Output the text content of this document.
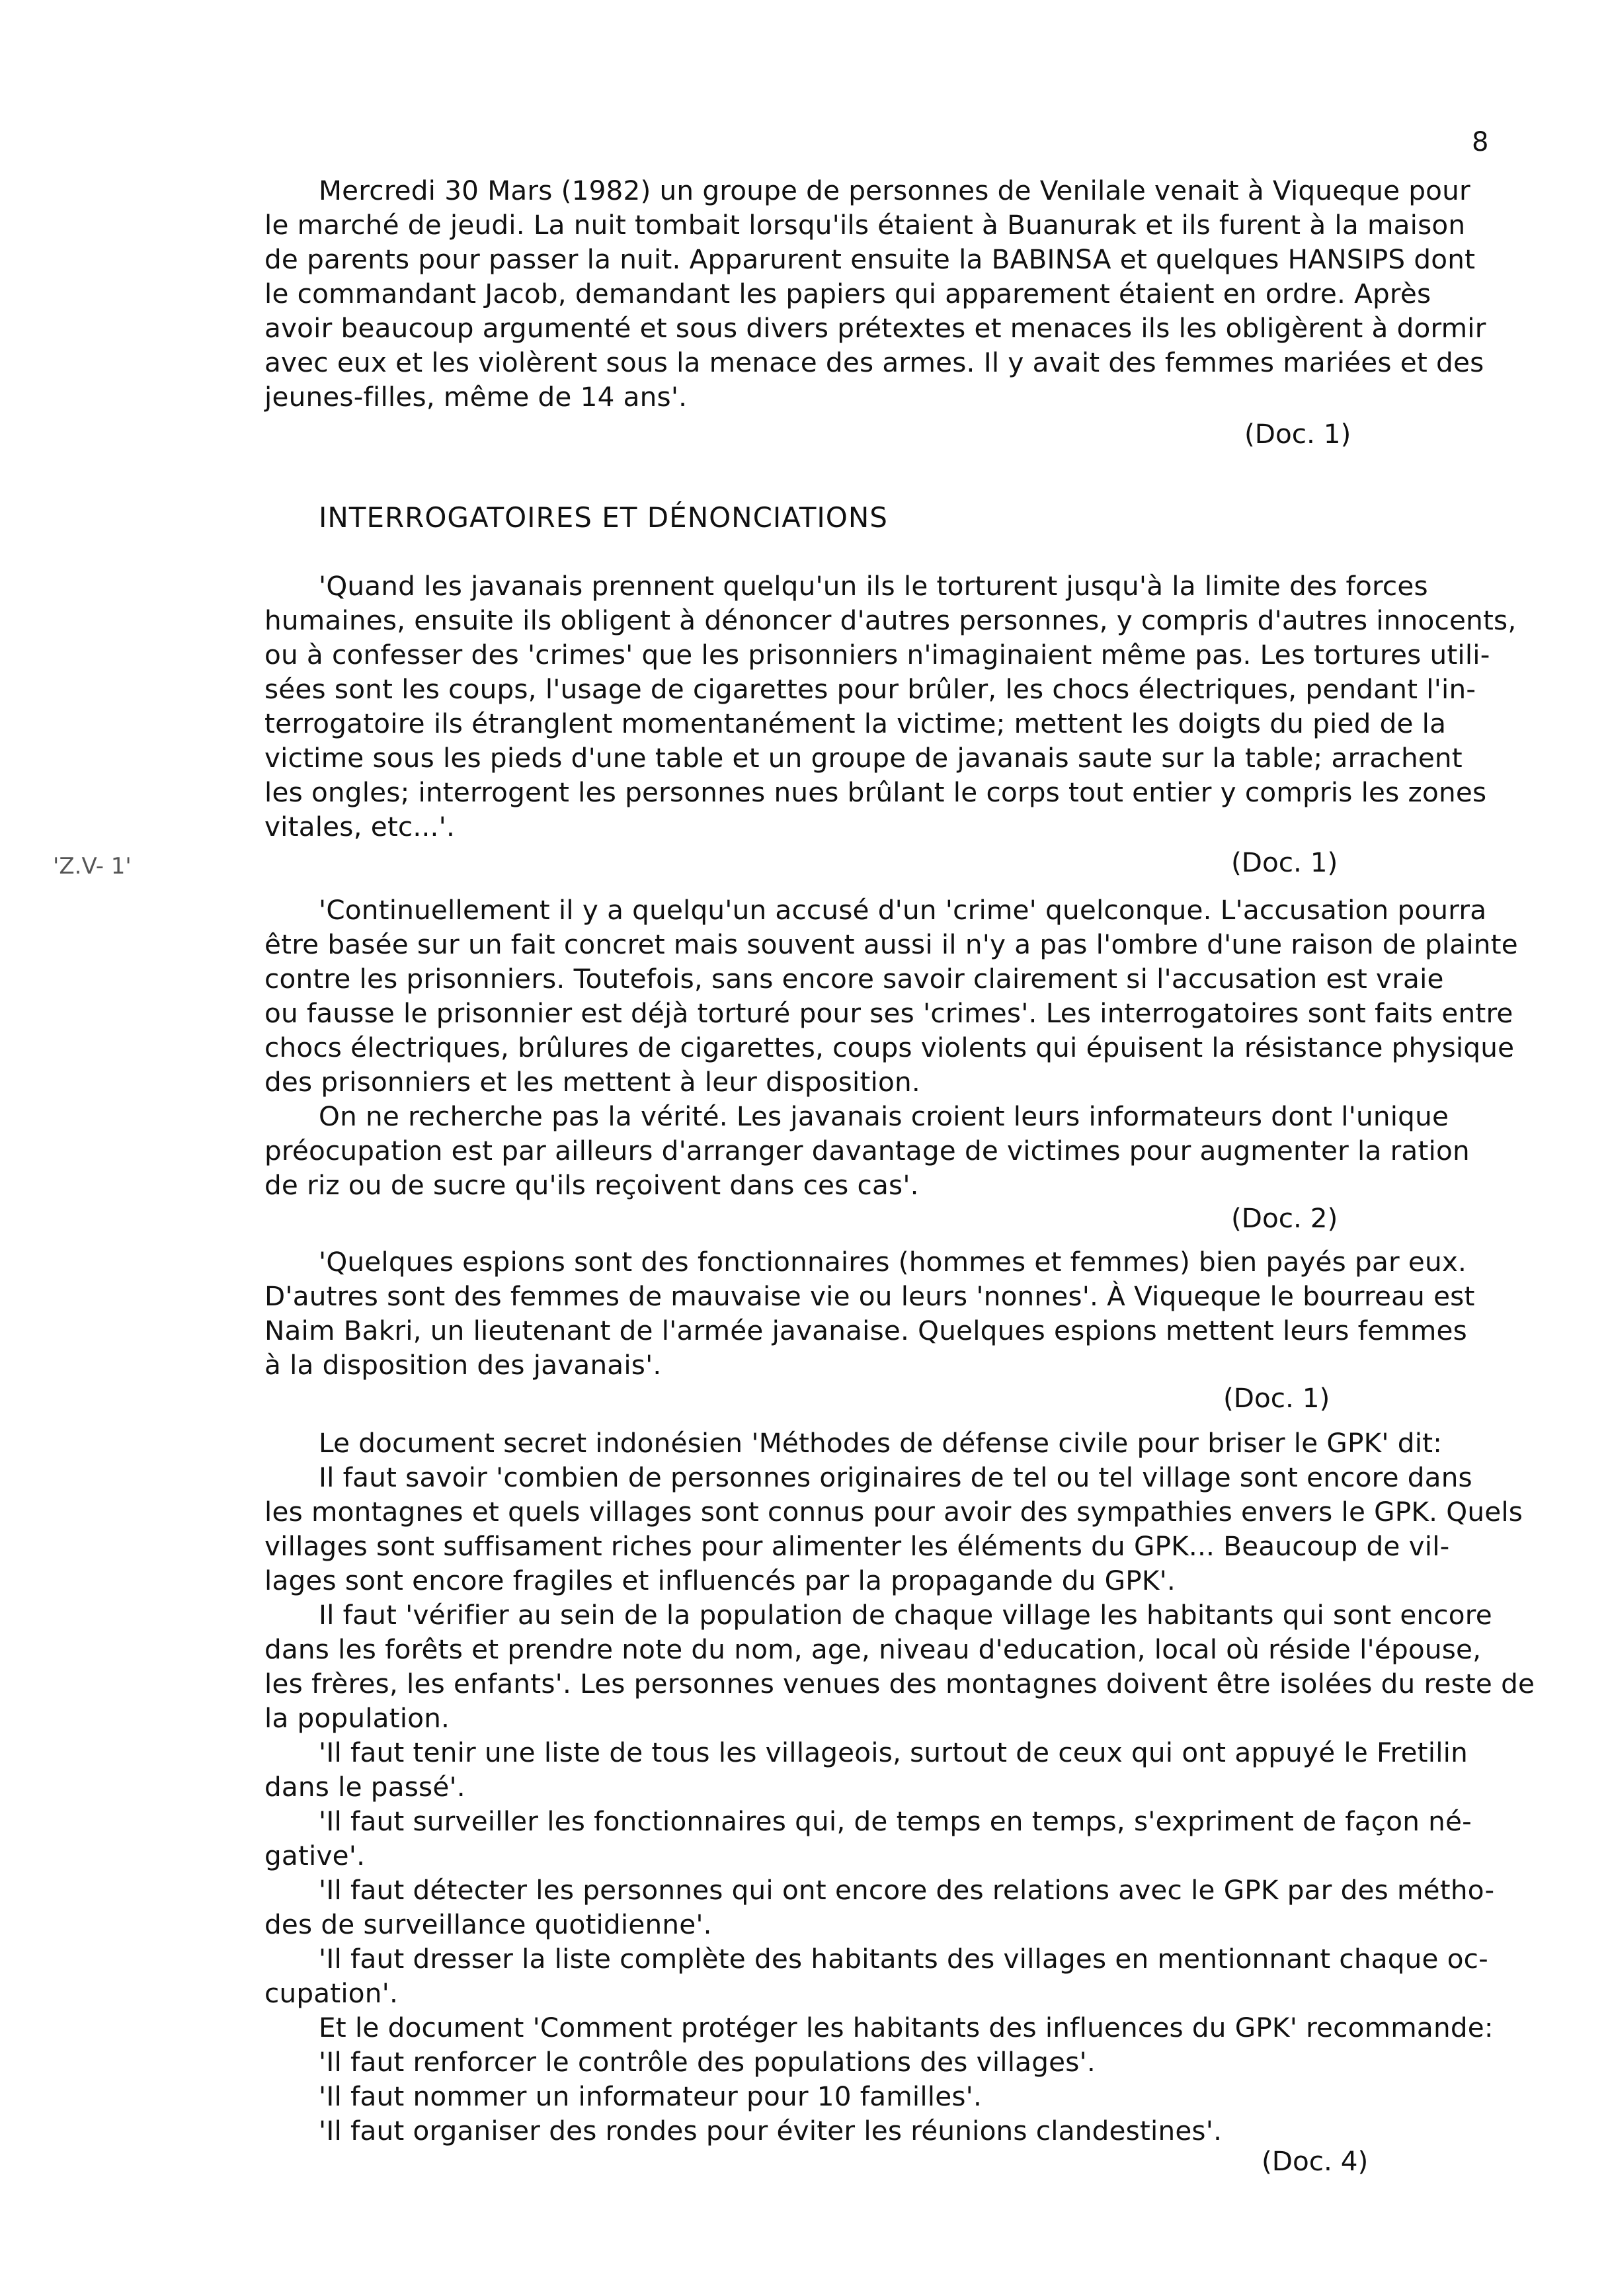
8
Mercredi 30 Mars (1982) un groupe de personnes de Venilale venait à Viqueque pour
le marché de jeudi. La nuit tombait lorsqu'ils étaient à Buanurak et ils furent à la maison
de parents pour passer la nuit. Apparurent ensuite la BABINSA et quelques HANSIPS dont
le commandant Jacob, demandant les papiers qui apparement étaient en ordre. Après
avoir beaucoup argumenté et sous divers prétextes et menaces ils les obligèrent à dormir
avec eux et les violèrent sous la menace des armes. Il y avait des femmes mariées et des
jeunes-filles, même de 14 ans'.
(Doc. 1)
INTERROGATOIRES ET DÉNONCIATIONS
'Quand les javanais prennent quelqu'un ils le torturent jusqu'à la limite des forces
humaines, ensuite ils obligent à dénoncer d'autres personnes, y compris d'autres innocents,
ou à confesser des 'crimes' que les prisonniers n'imaginaient même pas. Les tortures utili-
sées sont les coups, l'usage de cigarettes pour brûler, les chocs électriques, pendant l'in-
terrogatoire ils étranglent momentanément la victime; mettent les doigts du pied de la
victime sous les pieds d'une table et un groupe de javanais saute sur la table; arrachent
les ongles; interrogent les personnes nues brûlant le corps tout entier y compris les zones
vitales, etc...'.
(Doc. 1)
'Z.V- 1'
'Continuellement il y a quelqu'un accusé d'un 'crime' quelconque. L'accusation pourra
être basée sur un fait concret mais souvent aussi il n'y a pas l'ombre d'une raison de plainte
contre les prisonniers. Toutefois, sans encore savoir clairement si l'accusation est vraie
ou fausse le prisonnier est déjà torturé pour ses 'crimes'. Les interrogatoires sont faits entre
chocs électriques, brûlures de cigarettes, coups violents qui épuisent la résistance physique
des prisonniers et les mettent à leur disposition.
On ne recherche pas la vérité. Les javanais croient leurs informateurs dont l'unique
préocupation est par ailleurs d'arranger davantage de victimes pour augmenter la ration
de riz ou de sucre qu'ils reçoivent dans ces cas'.
(Doc. 2)
'Quelques espions sont des fonctionnaires (hommes et femmes) bien payés par eux.
D'autres sont des femmes de mauvaise vie ou leurs 'nonnes'. À Viqueque le bourreau est
Naim Bakri, un lieutenant de l'armée javanaise. Quelques espions mettent leurs femmes
à la disposition des javanais'.
(Doc. 1)
Le document secret indonésien 'Méthodes de défense civile pour briser le GPK' dit:
Il faut savoir 'combien de personnes originaires de tel ou tel village sont encore dans
les montagnes et quels villages sont connus pour avoir des sympathies envers le GPK. Quels
villages sont suffisament riches pour alimenter les éléments du GPK... Beaucoup de vil-
lages sont encore fragiles et influencés par la propagande du GPK'.
Il faut 'vérifier au sein de la population de chaque village les habitants qui sont encore
dans les forêts et prendre note du nom, age, niveau d'education, local où réside l'épouse,
les frères, les enfants'. Les personnes venues des montagnes doivent être isolées du reste de
la population.
'Il faut tenir une liste de tous les villageois, surtout de ceux qui ont appuyé le Fretilin
dans le passé'.
'Il faut surveiller les fonctionnaires qui, de temps en temps, s'expriment de façon né-
gative'.
'Il faut détecter les personnes qui ont encore des relations avec le GPK par des métho-
des de surveillance quotidienne'.
'Il faut dresser la liste complète des habitants des villages en mentionnant chaque oc-
cupation'.
Et le document 'Comment protéger les habitants des influences du GPK' recommande:
'Il faut renforcer le contrôle des populations des villages'.
'Il faut nommer un informateur pour 10 familles'.
'Il faut organiser des rondes pour éviter les réunions clandestines'.
(Doc. 4)
